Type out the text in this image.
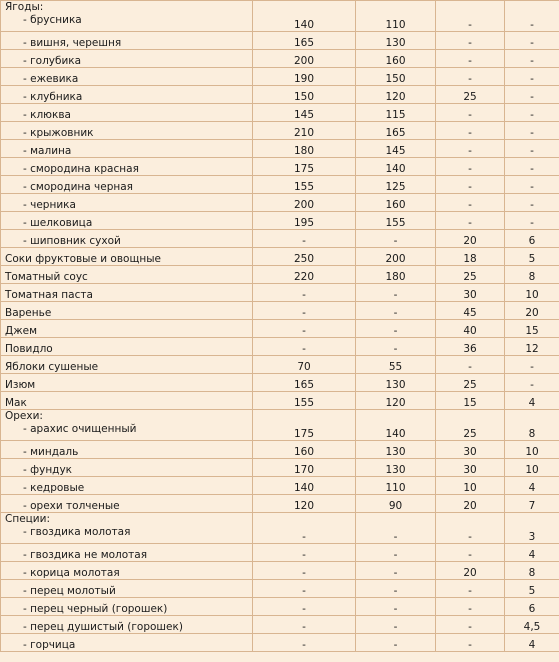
Ягоды:
- брусника	140	110	-	-
- вишня, черешня	165	130	-	-
- голубика	200	160	-	-
- ежевика	190	150	-	-
- клубника	150	120	25	-
- клюква	145	115	-	-
- крыжовник	210	165	-	-
- малина	180	145	-	-
- смородина красная	175	140	-	-
- смородина черная	155	125	-	-
- черника	200	160	-	-
- шелковица	195	155	-	-
- шиповник сухой	-	-	20	6
Соки фруктовые и овощные	250	200	18	5
Томатный соус	220	180	25	8
Томатная паста	-	-	30	10
Варенье	-	-	45	20
Джем	-	-	40	15
Повидло	-	-	36	12
Яблоки сушеные	70	55	-	-
Изюм	165	130	25	-
Мак	155	120	15	4

Орехи:
- арахис очищенный	175	140	25	8
- миндаль	160	130	30	10
- фундук	170	130	30	10
- кедровые	140	110	10	4
- орехи толченые	120	90	20	7

Специи:
- гвоздика молотая	-	-	-	3
- гвоздика не молотая	-	-	-	4
- корица молотая	-	-	20	8
- перец молотый	-	-	-	5
- перец черный (горошек)	-	-	-	6
- перец душистый (горошек)	-	-	-	4,5
- горчица	-	-	-	4
